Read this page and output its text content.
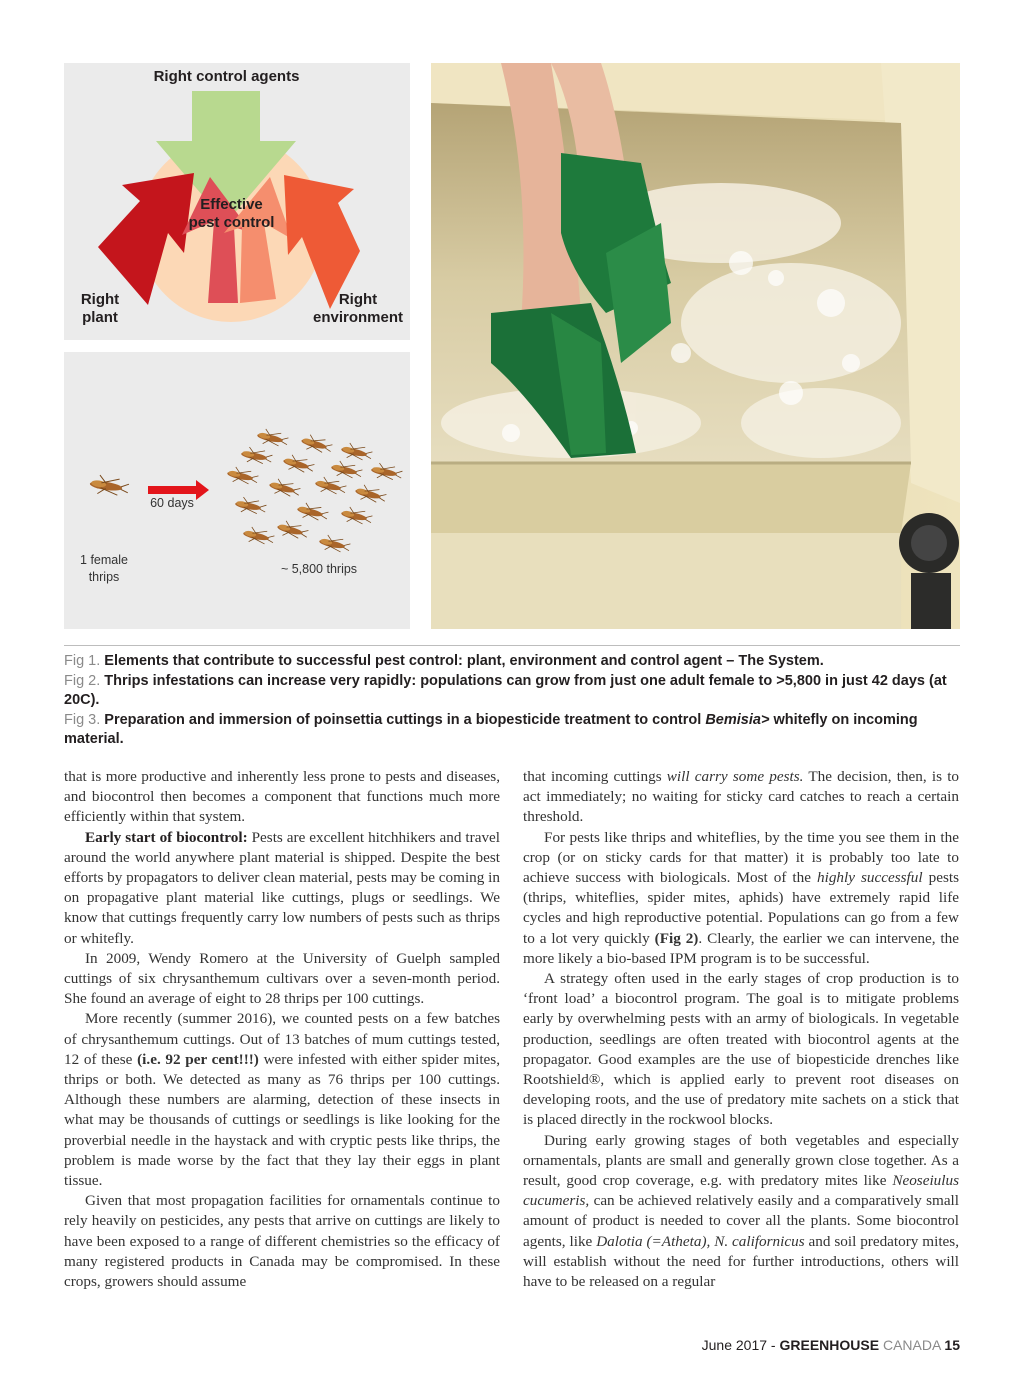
Right control agents
Effective
pest control
Right
plant
Right
environment
60 days
1 female
thrips
~ 5,800 thrips

Fig 1. Elements that contribute to successful pest control: plant, environment and control agent – The System.

Fig 2. Thrips infestations can increase very rapidly: populations can grow from just one adult female to >5,800 in just 42 days (at 20C).

Fig 3. Preparation and immersion of poinsettia cuttings in a biopesticide treatment to control Bemisia> whitefly on incoming material.

that is more productive and inherently less prone to pests and diseases, and biocontrol then becomes a component that functions much more efficiently within that system.

Early start of biocontrol: Pests are excellent hitchhikers and travel around the world anywhere plant material is shipped. Despite the best efforts by propagators to deliver clean material, pests may be coming in on propagative plant material like cuttings, plugs or seedlings. We know that cuttings frequently carry low numbers of pests such as thrips or whitefly.

In 2009, Wendy Romero at the University of Guelph sampled cuttings of six chrysanthemum cultivars over a seven-month period. She found an average of eight to 28 thrips per 100 cuttings.

More recently (summer 2016), we counted pests on a few batches of chrysanthemum cuttings. Out of 13 batches of mum cuttings tested, 12 of these (i.e. 92 per cent!!!) were infested with either spider mites, thrips or both. We detected as many as 76 thrips per 100 cuttings. Although these numbers are alarming, detection of these insects in what may be thousands of cuttings or seedlings is like looking for the proverbial needle in the haystack and with cryptic pests like thrips, the problem is made worse by the fact that they lay their eggs in plant tissue.

Given that most propagation facilities for ornamentals continue to rely heavily on pesticides, any pests that arrive on cuttings are likely to have been exposed to a range of different chemistries so the efficacy of many registered products in Canada may be compromised. In these crops, growers should assume

that incoming cuttings will carry some pests. The decision, then, is to act immediately; no waiting for sticky card catches to reach a certain threshold.

For pests like thrips and whiteflies, by the time you see them in the crop (or on sticky cards for that matter) it is probably too late to achieve success with biologicals. Most of the highly successful pests (thrips, whiteflies, spider mites, aphids) have extremely rapid life cycles and high reproductive potential. Populations can go from a few to a lot very quickly (Fig 2). Clearly, the earlier we can intervene, the more likely a bio-based IPM program is to be successful.

A strategy often used in the early stages of crop production is to ‘front load’ a biocontrol program. The goal is to mitigate problems early by overwhelming pests with an army of biologicals. In vegetable production, seedlings are often treated with biocontrol agents at the propagator. Good examples are the use of biopesticide drenches like Rootshield®, which is applied early to prevent root diseases on developing roots, and the use of predatory mite sachets on a stick that is placed directly in the rockwool blocks.

During early growing stages of both vegetables and especially ornamentals, plants are small and generally grown close together. As a result, good crop coverage, e.g. with predatory mites like Neoseiulus cucumeris, can be achieved relatively easily and a comparatively small amount of product is needed to cover all the plants. Some biocontrol agents, like Dalotia (=Atheta), N. californicus and soil predatory mites, will establish without the need for further introductions, others will have to be released on a regular

June 2017 - GREENHOUSE CANADA 15
